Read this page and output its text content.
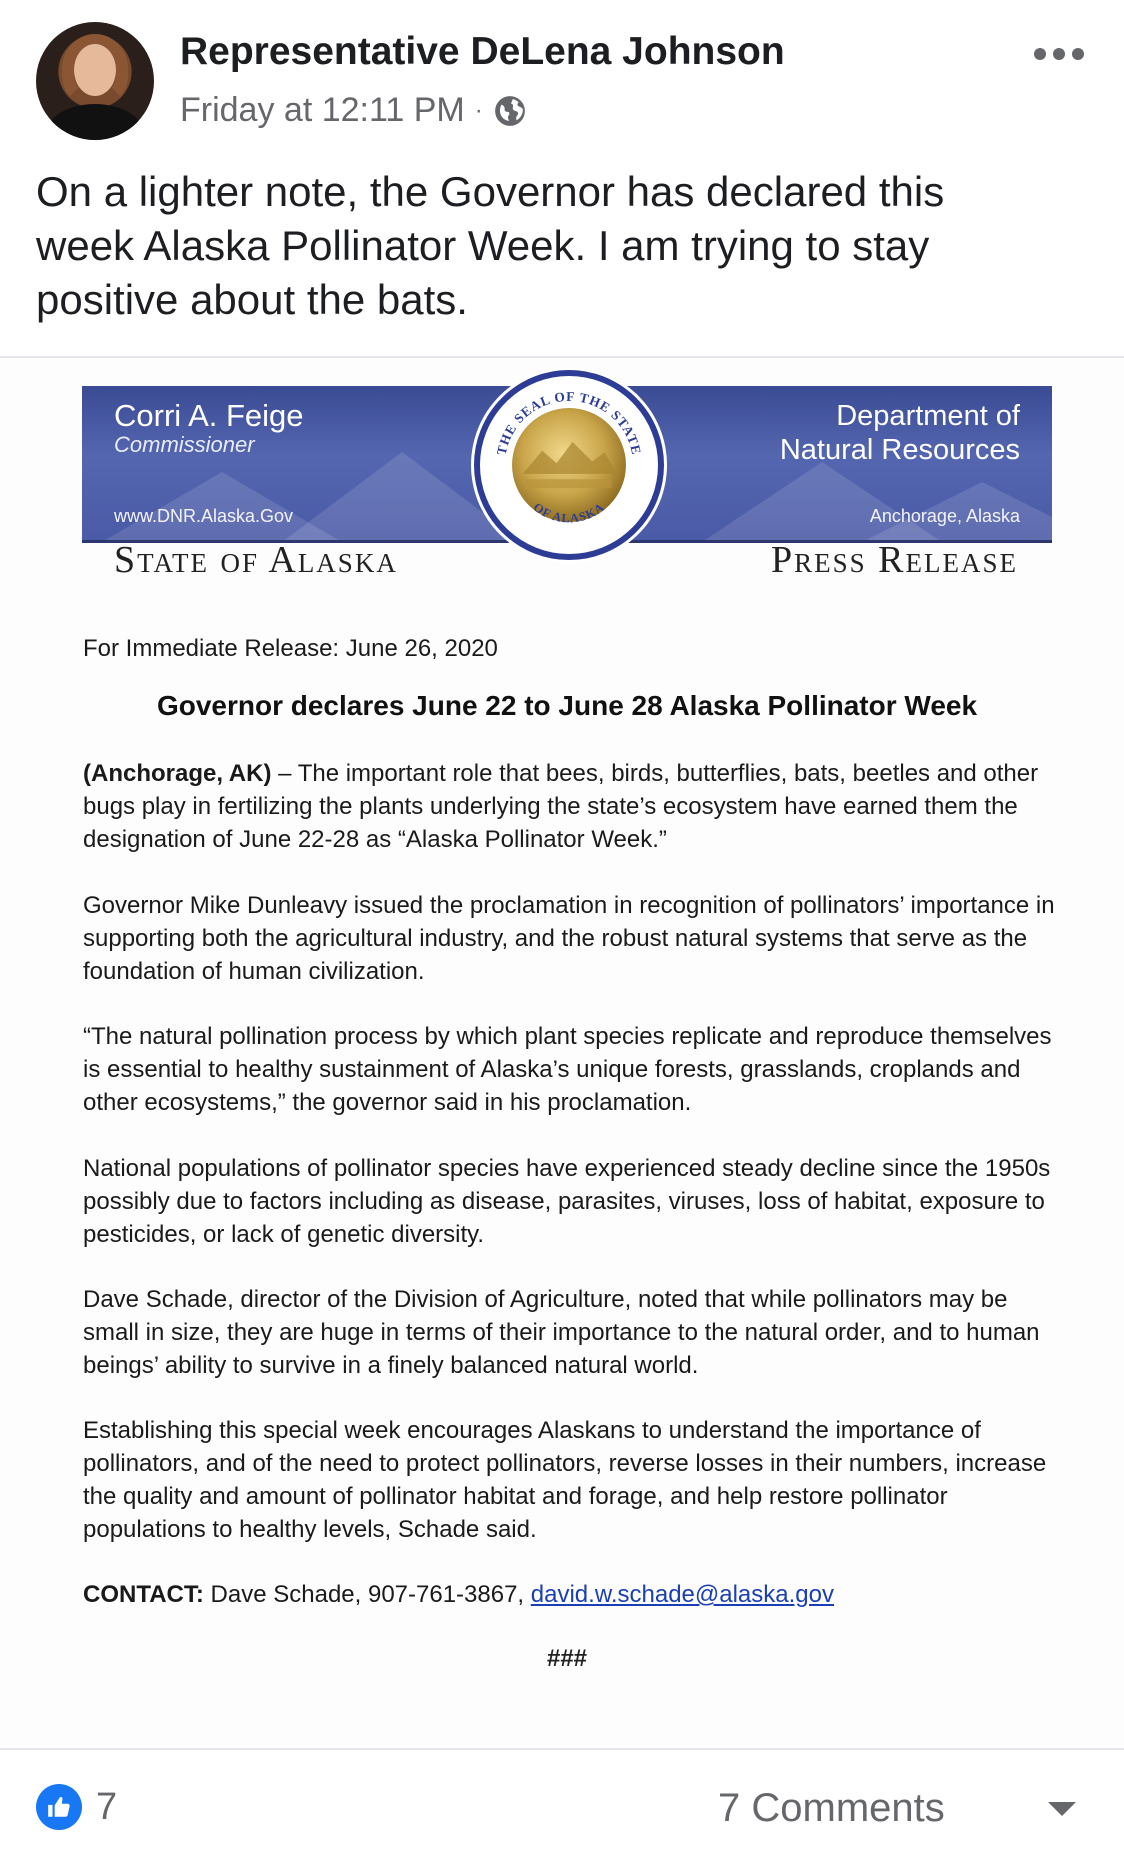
Representative DeLena Johnson
Friday at 12:11 PM ·
On a lighter note, the Governor has declared this
week Alaska Pollinator Week. I am trying to stay
positive about the bats.
Corri A. Feige
Commissioner
www.DNR.Alaska.Gov
Department of
Natural Resources
Anchorage, Alaska
THE SEAL OF THE STATE
OF ALASKA
State of Alaska	Press Release
For Immediate Release: June 26, 2020
Governor declares June 22 to June 28 Alaska Pollinator Week
(Anchorage, AK) – The important role that bees, birds, butterflies, bats, beetles and other bugs play in fertilizing the plants underlying the state’s ecosystem have earned them the designation of June 22-28 as “Alaska Pollinator Week.”
Governor Mike Dunleavy issued the proclamation in recognition of pollinators’ importance in supporting both the agricultural industry, and the robust natural systems that serve as the foundation of human civilization.
“The natural pollination process by which plant species replicate and reproduce themselves is essential to healthy sustainment of Alaska’s unique forests, grasslands, croplands and other ecosystems,” the governor said in his proclamation.
National populations of pollinator species have experienced steady decline since the 1950s possibly due to factors including as disease, parasites, viruses, loss of habitat, exposure to pesticides, or lack of genetic diversity.
Dave Schade, director of the Division of Agriculture, noted that while pollinators may be small in size, they are huge in terms of their importance to the natural order, and to human beings’ ability to survive in a finely balanced natural world.
Establishing this special week encourages Alaskans to understand the importance of pollinators, and of the need to protect pollinators, reverse losses in their numbers, increase the quality and amount of pollinator habitat and forage, and help restore pollinator populations to healthy levels, Schade said.
CONTACT: Dave Schade, 907-761-3867, david.w.schade@alaska.gov
###
7	7 Comments
